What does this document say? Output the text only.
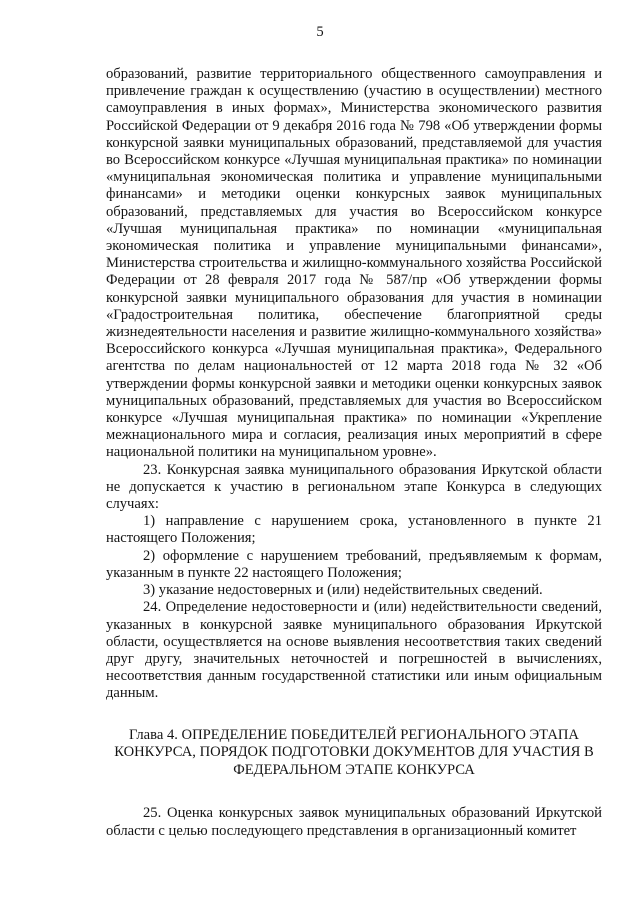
5

образований, развитие территориального общественного самоуправления и привлечение граждан к осуществлению (участию в осуществлении) местного самоуправления в иных формах», Министерства экономического развития Российской Федерации от 9 декабря 2016 года № 798 «Об утверждении формы конкурсной заявки муниципальных образований, представляемой для участия во Всероссийском конкурсе «Лучшая муниципальная практика» по номинации «муниципальная экономическая политика и управление муниципальными финансами» и методики оценки конкурсных заявок муниципальных образований, представляемых для участия во Всероссийском конкурсе «Лучшая муниципальная практика» по номинации «муниципальная экономическая политика и управление муниципальными финансами», Министерства строительства и жилищно-коммунального хозяйства Российской Федерации от 28 февраля 2017 года № 587/пр «Об утверждении формы конкурсной заявки муниципального образования для участия в номинации «Градостроительная политика, обеспечение благоприятной среды жизнедеятельности населения и развитие жилищно-коммунального хозяйства» Всероссийского конкурса «Лучшая муниципальная практика», Федерального агентства по делам национальностей от 12 марта 2018 года № 32 «Об утверждении формы конкурсной заявки и методики оценки конкурсных заявок муниципальных образований, представляемых для участия во Всероссийском конкурсе «Лучшая муниципальная практика» по номинации «Укрепление межнационального мира и согласия, реализация иных мероприятий в сфере национальной политики на муниципальном уровне».

23. Конкурсная заявка муниципального образования Иркутской области не допускается к участию в региональном этапе Конкурса в следующих случаях:

1) направление с нарушением срока, установленного в пункте 21 настоящего Положения;

2) оформление с нарушением требований, предъявляемым к формам, указанным в пункте 22 настоящего Положения;

3) указание недостоверных и (или) недействительных сведений.

24. Определение недостоверности и (или) недействительности сведений, указанных в конкурсной заявке муниципального образования Иркутской области, осуществляется на основе выявления несоответствия таких сведений друг другу, значительных неточностей и погрешностей в вычислениях, несоответствия данным государственной статистики или иным официальным данным.

Глава 4. ОПРЕДЕЛЕНИЕ ПОБЕДИТЕЛЕЙ РЕГИОНАЛЬНОГО ЭТАПА КОНКУРСА, ПОРЯДОК ПОДГОТОВКИ ДОКУМЕНТОВ ДЛЯ УЧАСТИЯ В ФЕДЕРАЛЬНОМ ЭТАПЕ КОНКУРСА

25. Оценка конкурсных заявок муниципальных образований Иркутской области с целью последующего представления в организационный комитет
